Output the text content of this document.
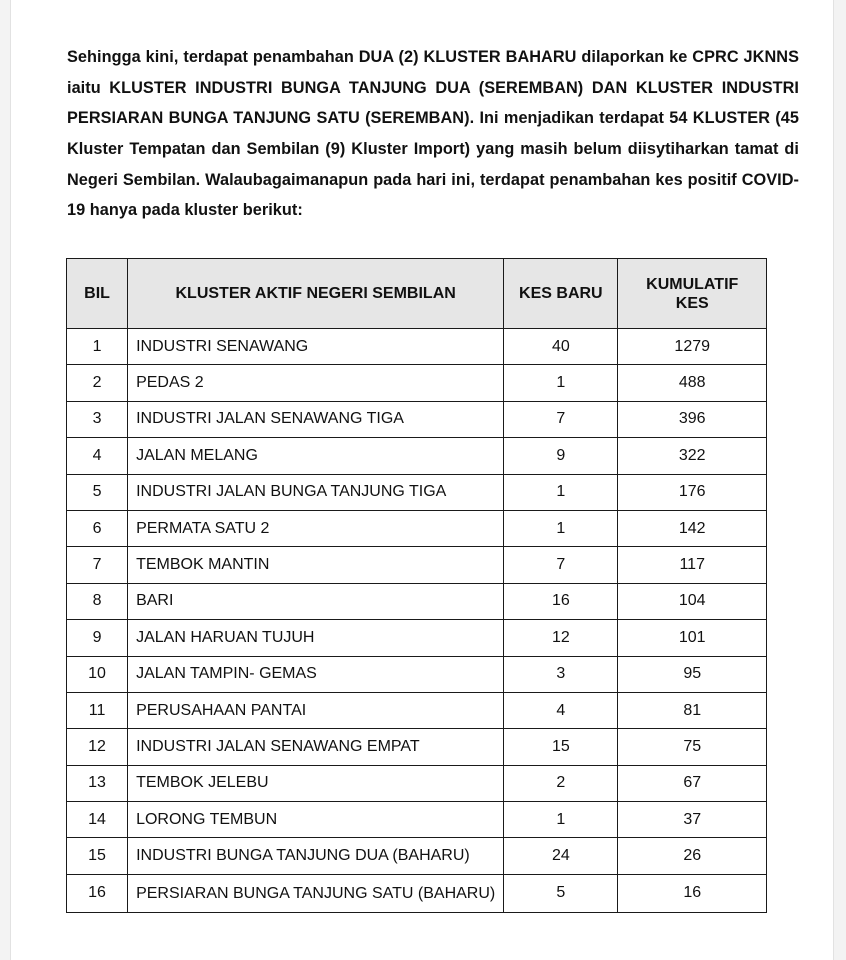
Sehingga kini, terdapat penambahan DUA (2) KLUSTER BAHARU dilaporkan ke CPRC JKNNS iaitu KLUSTER INDUSTRI BUNGA TANJUNG DUA (SEREMBAN) DAN KLUSTER INDUSTRI PERSIARAN BUNGA TANJUNG SATU (SEREMBAN). Ini menjadikan terdapat 54 KLUSTER (45 Kluster Tempatan dan Sembilan (9) Kluster Import) yang masih belum diisytiharkan tamat di Negeri Sembilan. Walaubagaimanapun pada hari ini, terdapat penambahan kes positif COVID-19 hanya pada kluster berikut:

BIL	KLUSTER AKTIF NEGERI SEMBILAN	KES BARU	KUMULATIF
KES
1	INDUSTRI SENAWANG	40	1279
2	PEDAS 2	1	488
3	INDUSTRI JALAN SENAWANG TIGA	7	396
4	JALAN MELANG	9	322
5	INDUSTRI JALAN BUNGA TANJUNG TIGA	1	176
6	PERMATA SATU 2	1	142
7	TEMBOK MANTIN	7	117
8	BARI	16	104
9	JALAN HARUAN TUJUH	12	101
10	JALAN TAMPIN- GEMAS	3	95
11	PERUSAHAAN PANTAI	4	81
12	INDUSTRI JALAN SENAWANG EMPAT	15	75
13	TEMBOK JELEBU	2	67
14	LORONG TEMBUN	1	37
15	INDUSTRI BUNGA TANJUNG DUA (BAHARU)	24	26
16	PERSIARAN BUNGA TANJUNG SATU (BAHARU)	5	16
